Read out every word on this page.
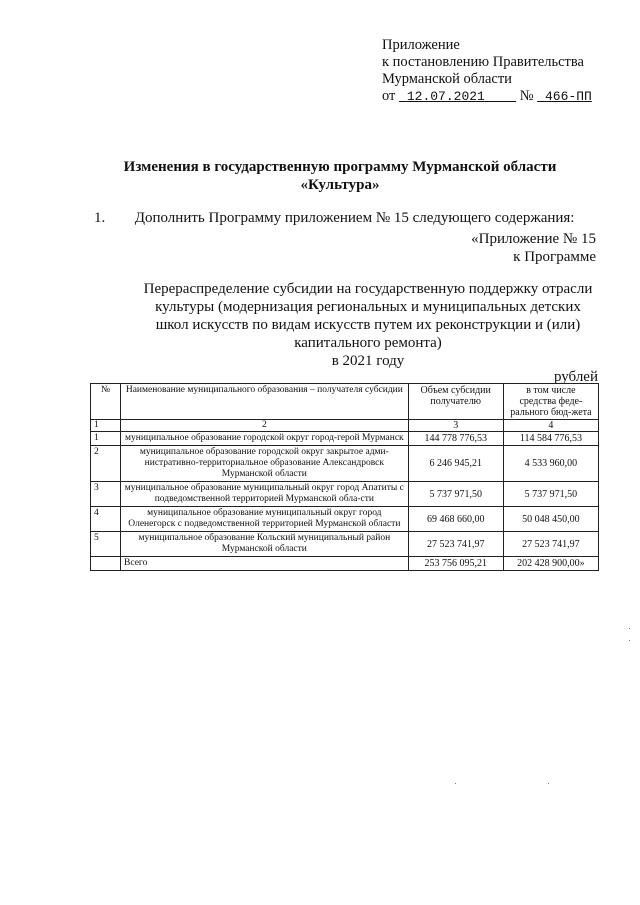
Приложение
к постановлению Правительства
Мурманской области
от 12.07.2021 № 466-ПП
Изменения в государственную программу Мурманской области
«Культура»
1. Дополнить Программу приложением № 15 следующего содержания:
«Приложение № 15
к Программе
Перераспределение субсидии на государственную поддержку отрасли
культуры (модернизация региональных и муниципальных детских
школ искусств по видам искусств путем их реконструкции и (или)
капитального ремонта)
в 2021 году
рублей
№	Наименование муниципального образования – получателя субсидии	Объем субсидии получателю	в том числе средства феде-рального бюд-жета
1	2	3	4
1	муниципальное образование городской округ город-герой Мурманск	144 778 776,53	114 584 776,53
2	муниципальное образование городской округ закрытое адми-нистративно-территориальное образование Александровск Мурманской области	6 246 945,21	4 533 960,00
3	муниципальное образование муниципальный округ город Апатиты с подведомственной территорией Мурманской обла-сти	5 737 971,50	5 737 971,50
4	муниципальное образование муниципальный округ город Оленегорск с подведомственной территорией Мурманской области	69 468 660,00	50 048 450,00
5	муниципальное образование Кольский муниципальный район Мурманской области	27 523 741,97	27 523 741,97
	Всего	253 756 095,21	202 428 900,00»
